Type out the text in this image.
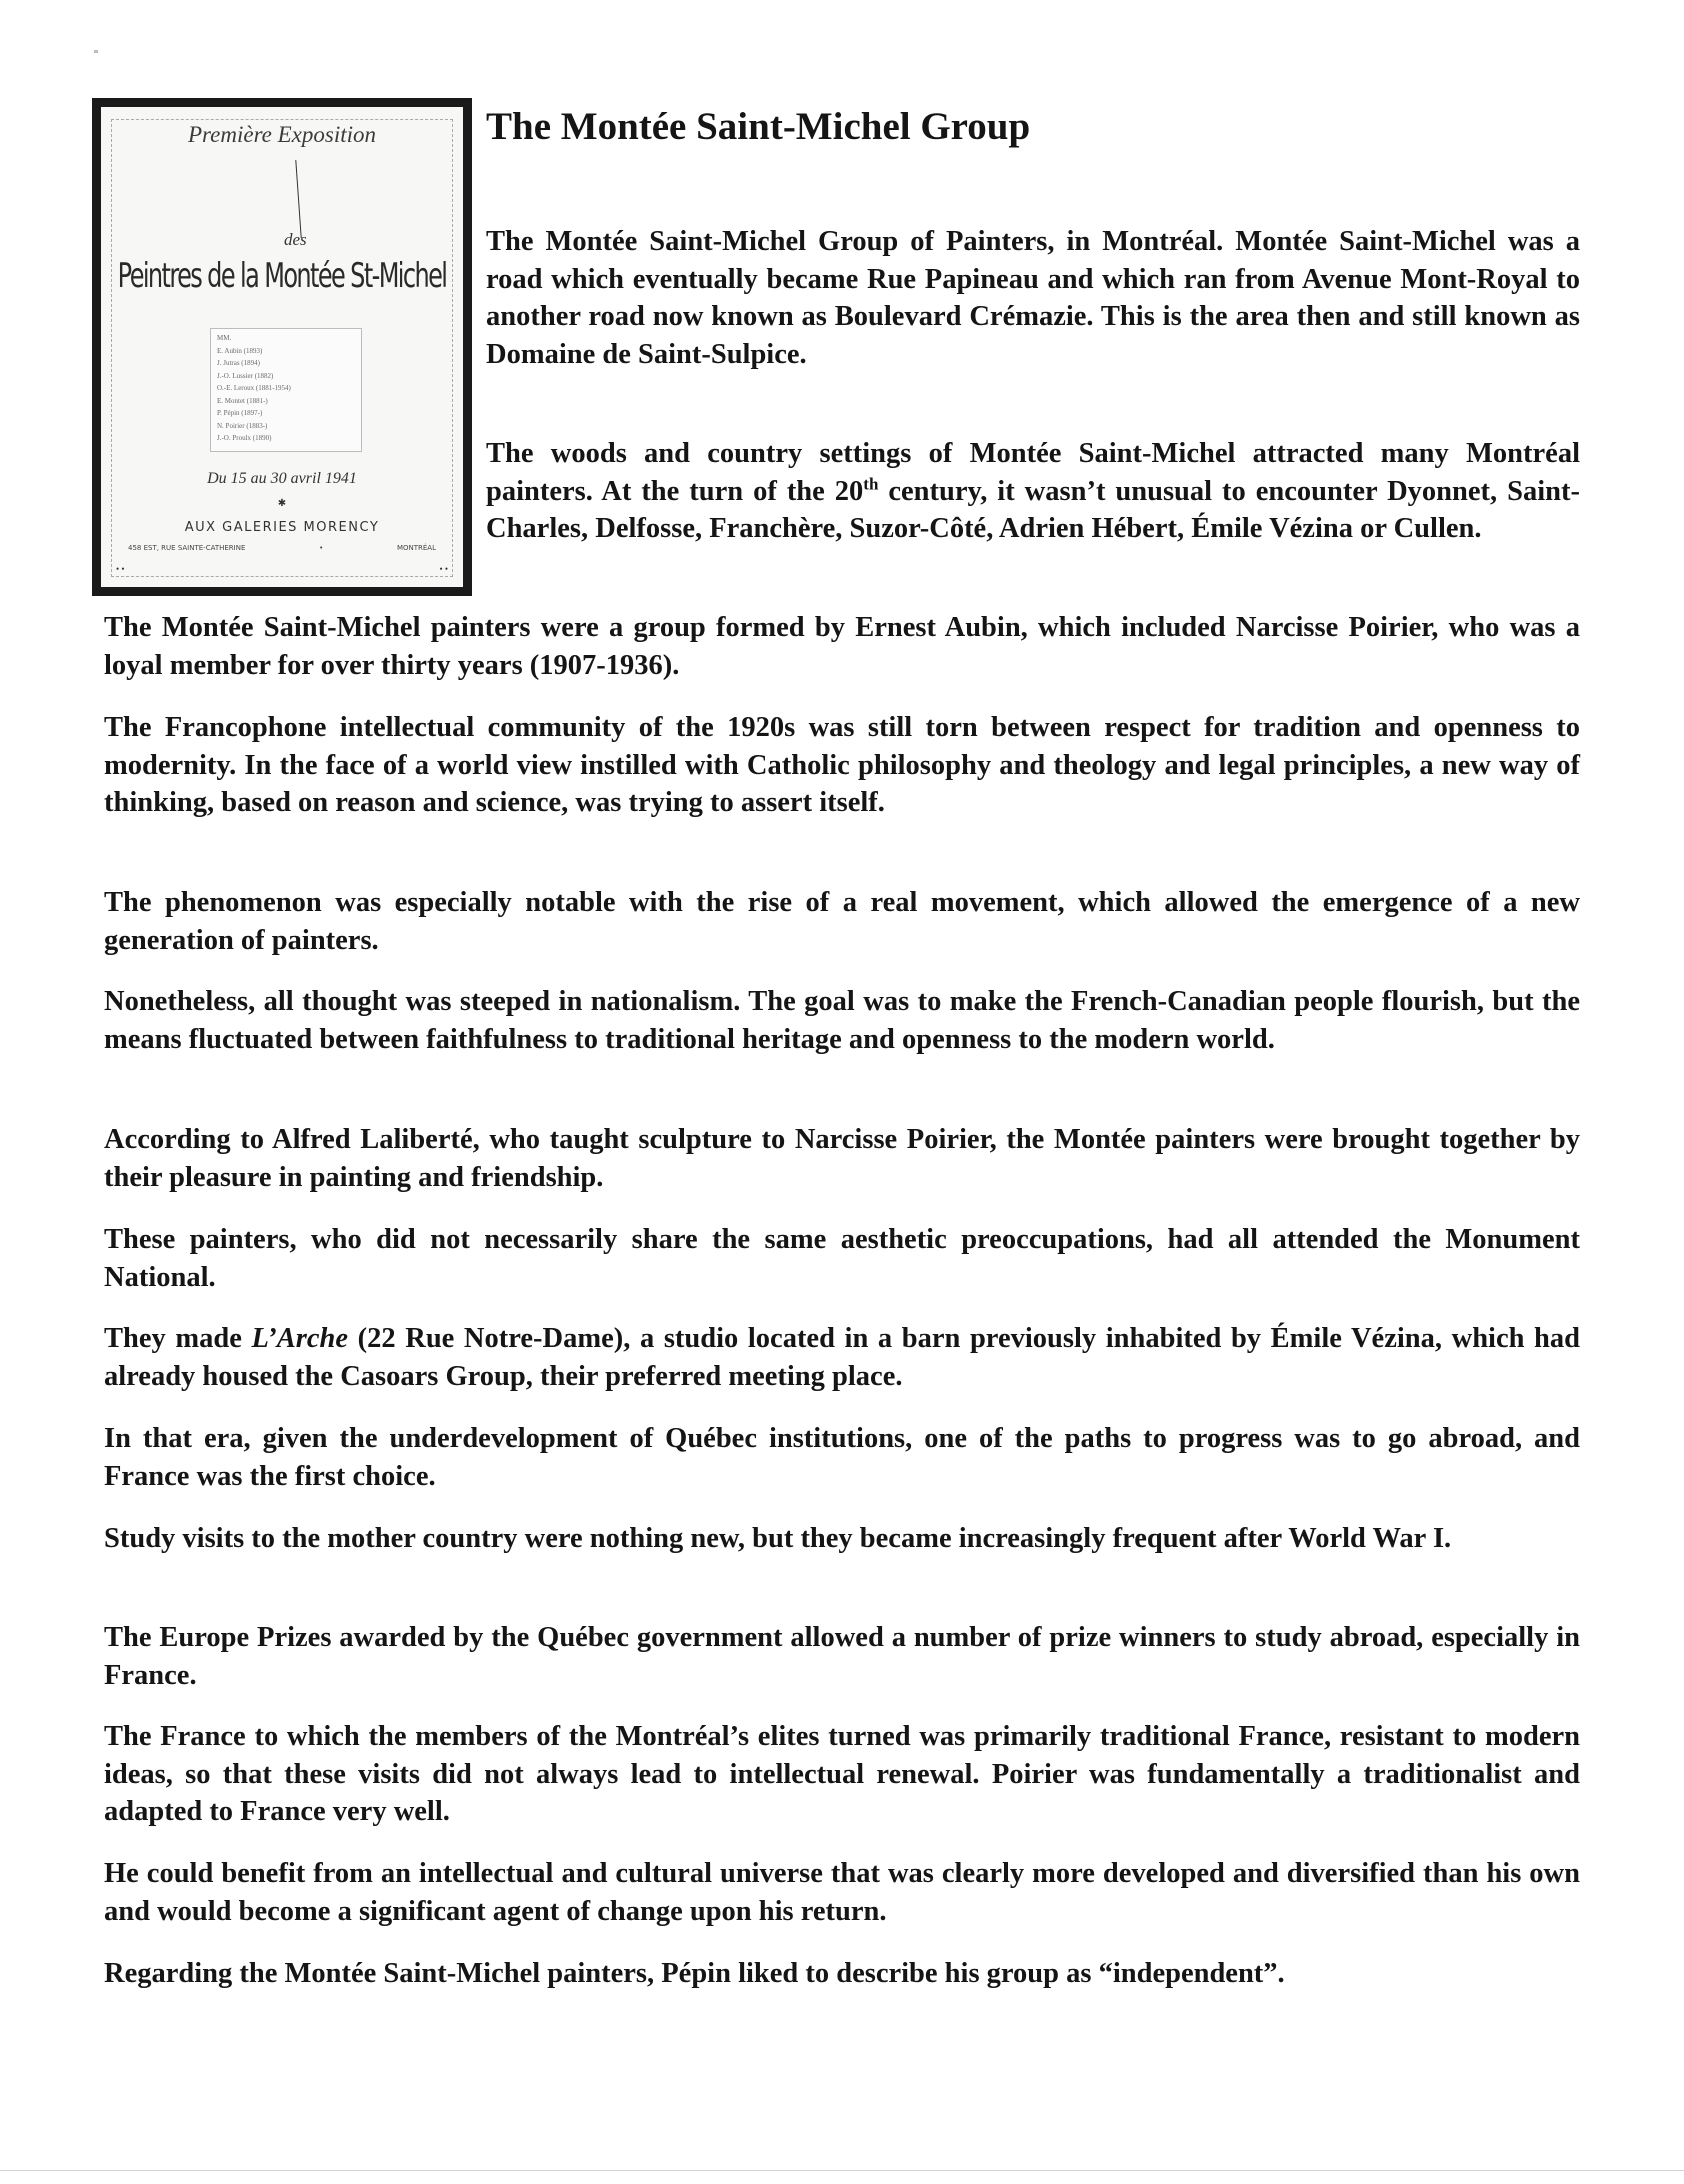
Première Exposition
des
Peintres de la Montée St-Michel
MM.
E. Aubin (1893)
J. Jutras (1894)
J.-O. Lussier (1882)
O.-E. Leroux (1881-1954)
E. Montet (1881-)
P. Pépin (1897-)
N. Poirier (1883-)
J.-O. Proulx (1890)
Du 15 au 30 avril 1941
✱
AUX GALERIES MORENCY
458 EST, RUE SAINTE-CATHERINE	•	MONTRÉAL
• •	• •
The Montée Saint-Michel Group

The Montée Saint-Michel Group of Painters, in Montréal. Montée Saint-Michel was a road which eventually became Rue Papineau and which ran from Avenue Mont-Royal to another road now known as Boulevard Crémazie. This is the area then and still known as Domaine de Saint-Sulpice.

The woods and country settings of Montée Saint-Michel attracted many Montréal painters. At the turn of the 20th century, it wasn’t unusual to encounter Dyonnet, Saint-Charles, Delfosse, Franchère, Suzor-Côté, Adrien Hébert, Émile Vézina or Cullen.

The Montée Saint-Michel painters were a group formed by Ernest Aubin, which included Narcisse Poirier, who was a loyal member for over thirty years (1907-1936).

The Francophone intellectual community of the 1920s was still torn between respect for tradition and openness to modernity. In the face of a world view instilled with Catholic philosophy and theology and legal principles, a new way of thinking, based on reason and science, was trying to assert itself.

The phenomenon was especially notable with the rise of a real movement, which allowed the emergence of a new generation of painters.

Nonetheless, all thought was steeped in nationalism. The goal was to make the French-Canadian people flourish, but the means fluctuated between faithfulness to traditional heritage and openness to the modern world.

According to Alfred Laliberté, who taught sculpture to Narcisse Poirier, the Montée painters were brought together by their pleasure in painting and friendship.

These painters, who did not necessarily share the same aesthetic preoccupations, had all attended the Monument National.

They made L’Arche (22 Rue Notre-Dame), a studio located in a barn previously inhabited by Émile Vézina, which had already housed the Casoars Group, their preferred meeting place.

In that era, given the underdevelopment of Québec institutions, one of the paths to progress was to go abroad, and France was the first choice.

Study visits to the mother country were nothing new, but they became increasingly frequent after World War I.

The Europe Prizes awarded by the Québec government allowed a number of prize winners to study abroad, especially in France.

The France to which the members of the Montréal’s elites turned was primarily traditional France, resistant to modern ideas, so that these visits did not always lead to intellectual renewal. Poirier was fundamentally a traditionalist and adapted to France very well.

He could benefit from an intellectual and cultural universe that was clearly more developed and diversified than his own and would become a significant agent of change upon his return.

Regarding the Montée Saint-Michel painters, Pépin liked to describe his group as “independent”.
